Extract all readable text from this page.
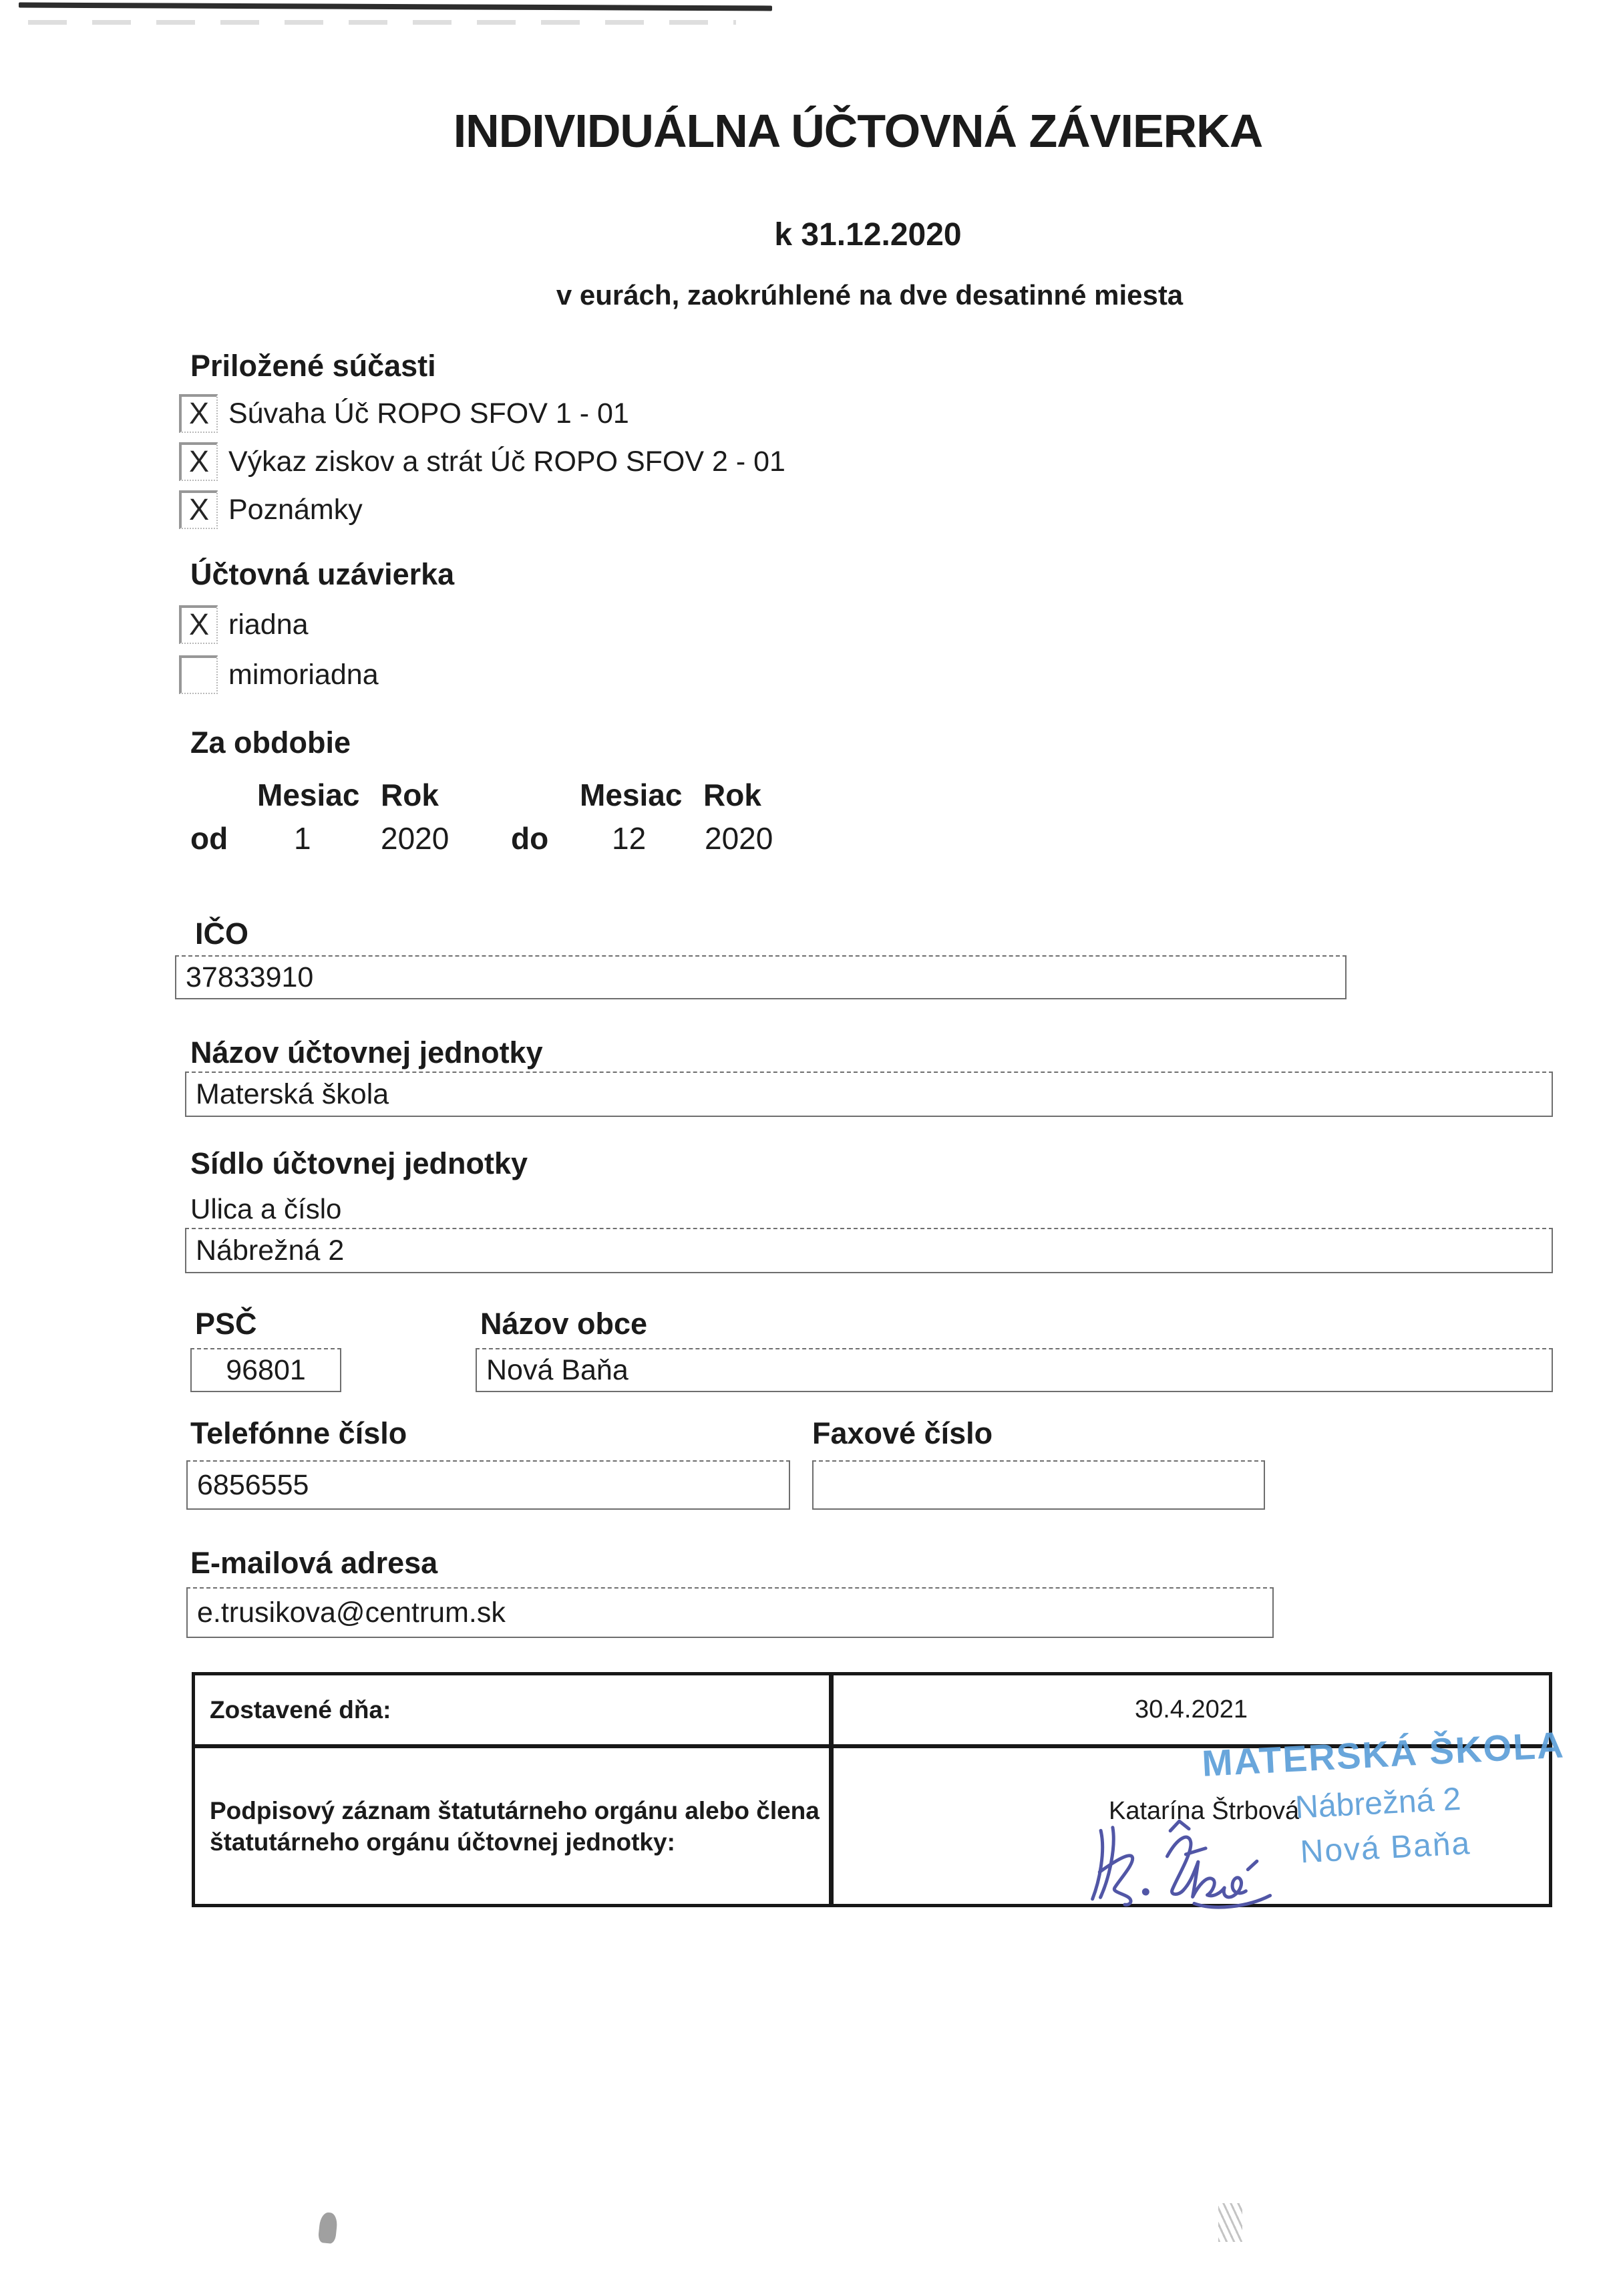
INDIVIDUÁLNA ÚČTOVNÁ ZÁVIERKA
k 31.12.2020
v eurách, zaokrúhlené na dve desatinné miesta
Priložené súčasti
X Súvaha Úč ROPO SFOV 1 - 01
X Výkaz ziskov a strát Úč ROPO SFOV 2 - 01
X Poznámky
Účtovná uzávierka
X riadna
mimoriadna
Za obdobie
Mesiac Rok	Mesiac Rok
od 1 2020 do 12 2020
IČO
37833910
Názov účtovnej jednotky
Materská škola
Sídlo účtovnej jednotky
Ulica a číslo
Nábrežná 2
PSČ	Názov obce
96801	Nová Baňa
Telefónne číslo	Faxové číslo
6856555
E-mailová adresa
e.trusikova@centrum.sk
Zostavené dňa:	30.4.2021
Podpisový záznam štatutárneho orgánu alebo člena
štatutárneho orgánu účtovnej jednotky:
Katarína Štrbová
MATERSKÁ ŠKOLA
Nábrežná 2
Nová Baňa
